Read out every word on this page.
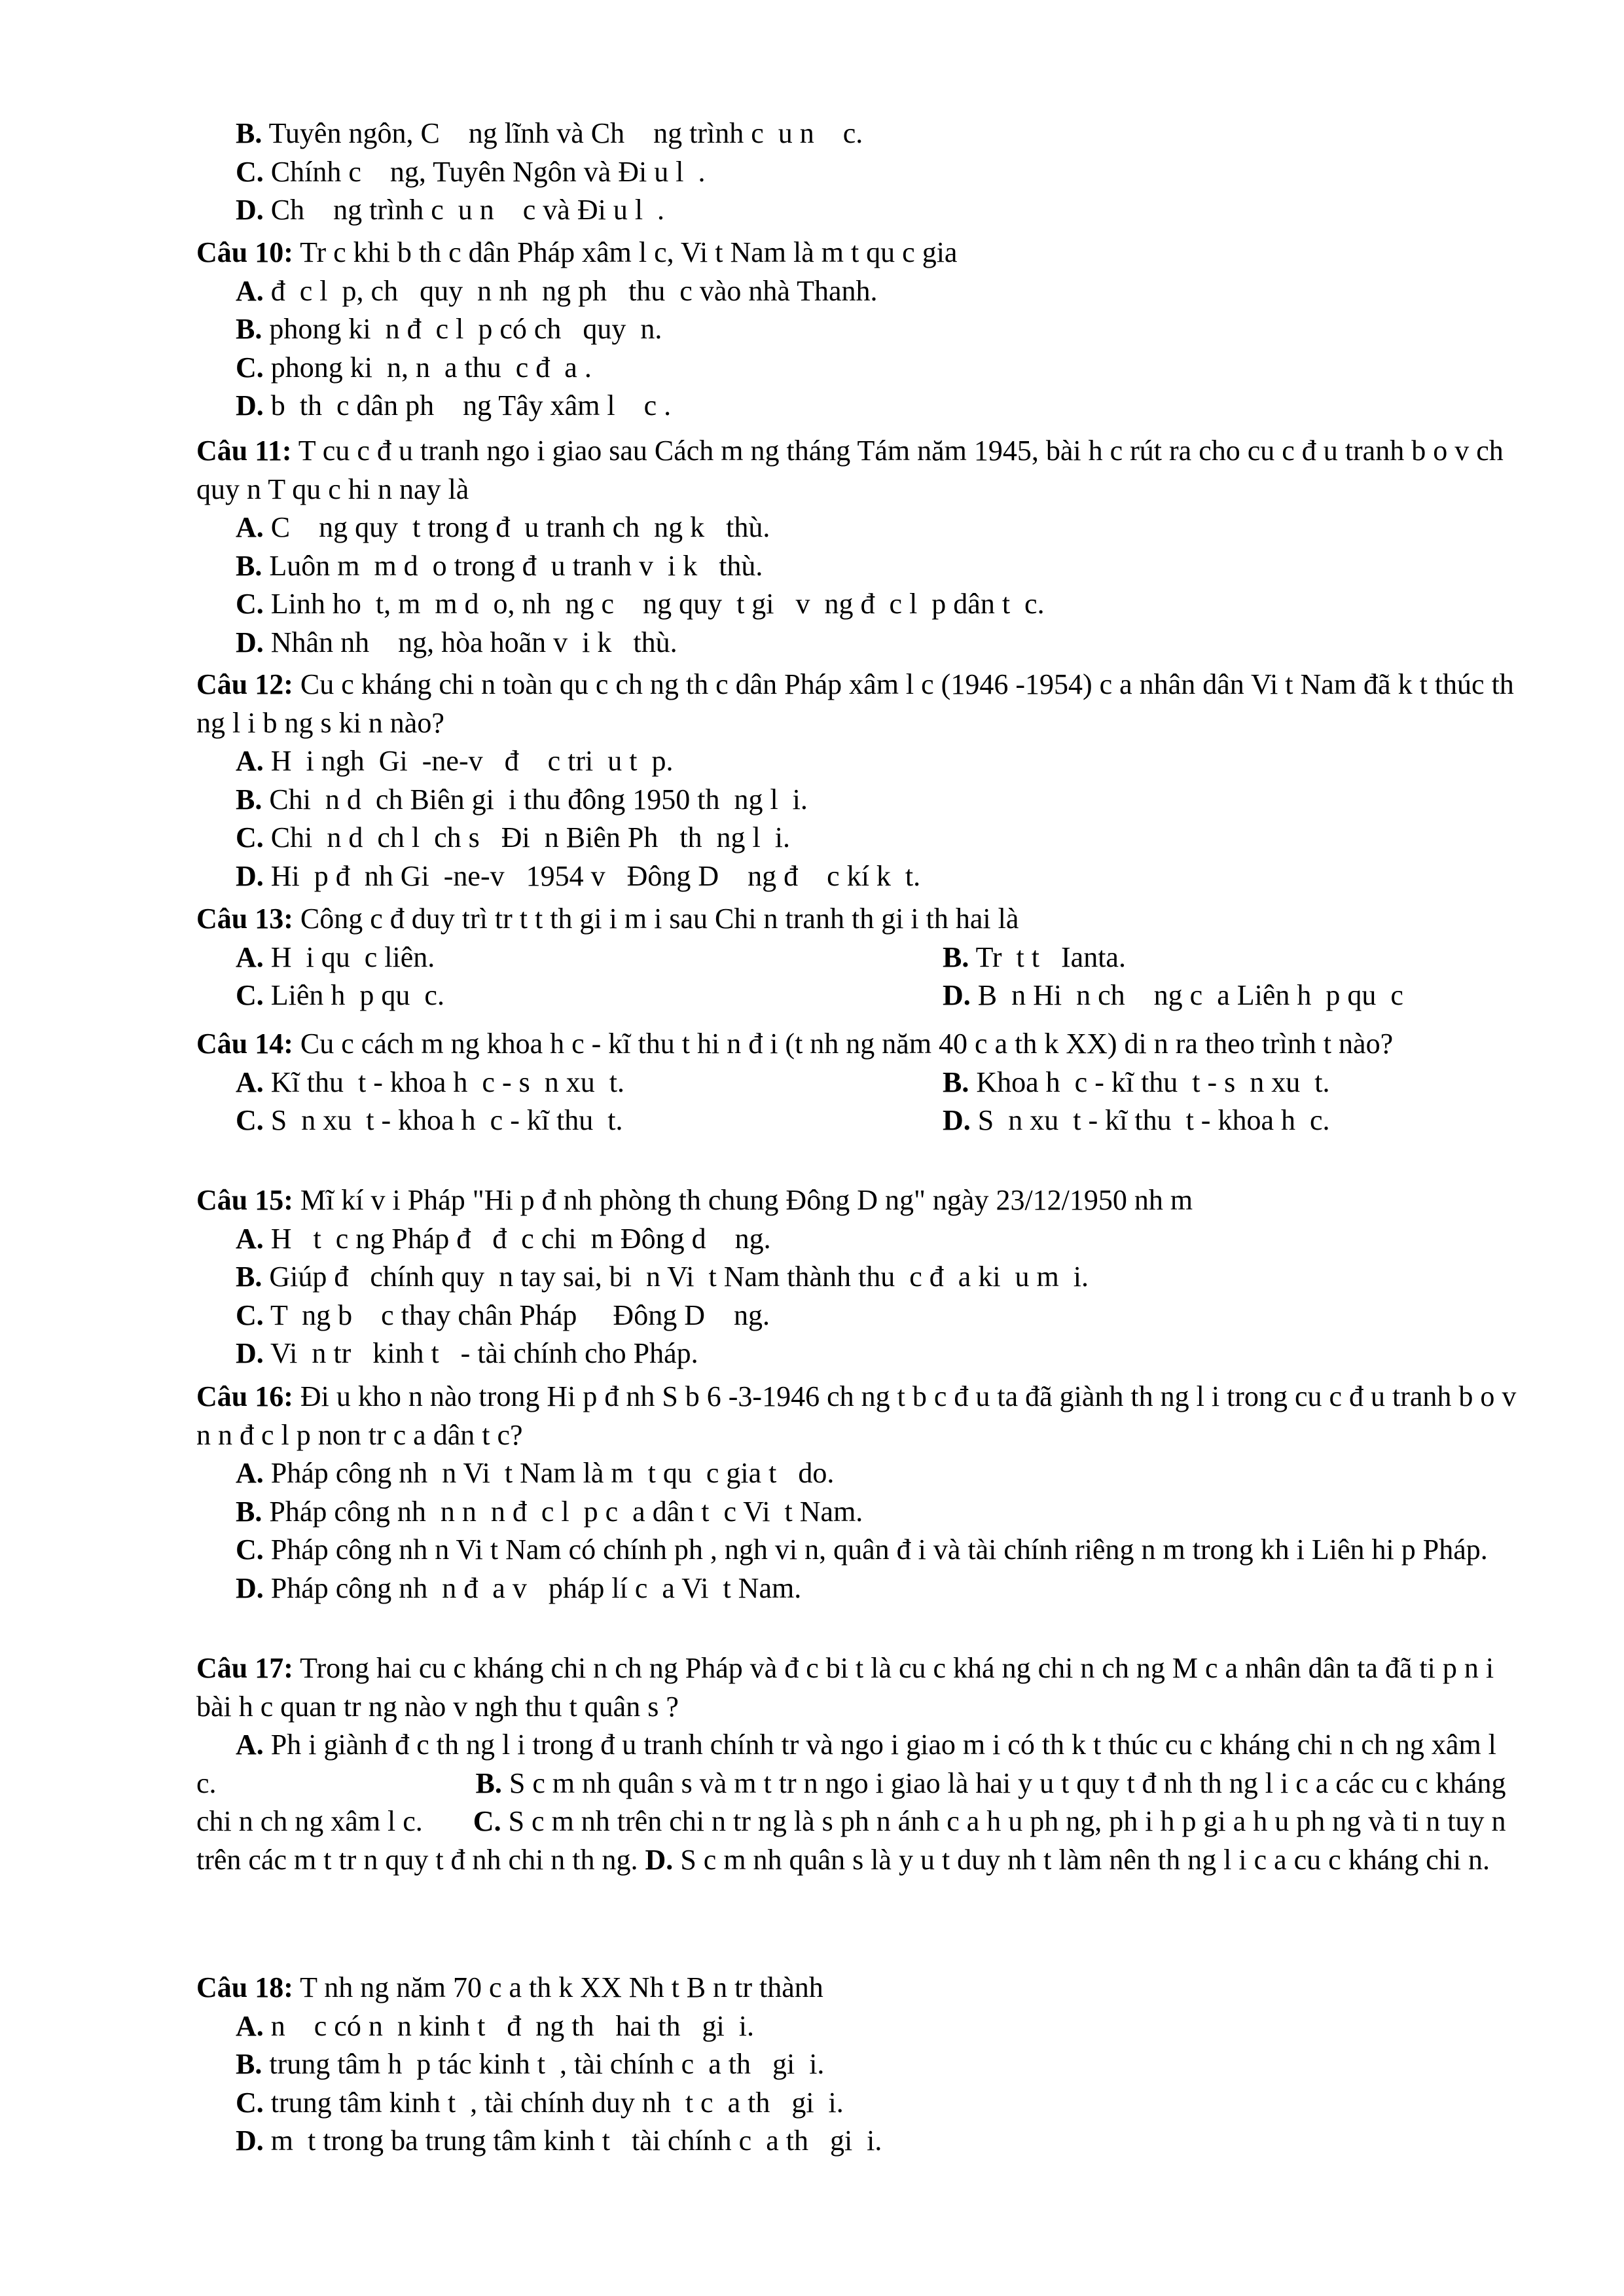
B. Tuyên ngôn, C    ng lĩnh và Ch    ng trình c  u n    c.

C. Chính c    ng, Tuyên Ngôn và Đi u l  .

D. Ch    ng trình c  u n    c và Đi u l  .

Câu 10: Tr c khi b th c dân Pháp xâm l c, Vi t Nam là m t qu c gia

A. đ  c l  p, ch   quy  n nh  ng ph   thu  c vào nhà Thanh.

B. phong ki  n đ  c l  p có ch   quy  n.

C. phong ki  n, n  a thu  c đ  a .

D. b  th  c dân ph    ng Tây xâm l    c .

Câu 11: T cu c đ u tranh ngo i giao sau Cách m ng tháng Tám năm 1945, bài h c rút ra cho cu c đ u tranh b o v ch quy n T qu c hi n nay là

A. C    ng quy  t trong đ  u tranh ch  ng k   thù.

B. Luôn m  m d  o trong đ  u tranh v  i k   thù.

C. Linh ho  t, m  m d  o, nh  ng c    ng quy  t gi   v  ng đ  c l  p dân t  c.

D. Nhân nh    ng, hòa hoãn v  i k   thù.

Câu 12: Cu c kháng chi n toàn qu c ch ng th c dân Pháp xâm l c (1946 -1954) c a nhân dân Vi t Nam đã k t thúc th ng l i b ng s ki n nào?

A. H  i ngh  Gi  -ne-v   đ    c tri  u t  p.

B. Chi  n d  ch Biên gi  i thu đông 1950 th  ng l  i.

C. Chi  n d  ch l  ch s   Đi  n Biên Ph   th  ng l  i.

D. Hi  p đ  nh Gi  -ne-v   1954 v   Đông D    ng đ    c kí k  t.

Câu 13: Công c đ duy trì tr t t th gi i m i sau Chi n tranh th gi i th hai là

A. H  i qu  c liên.	B. Tr  t t   Ianta.

C. Liên h  p qu  c.	D. B  n Hi  n ch    ng c  a Liên h  p qu  c

Câu 14: Cu c cách m ng khoa h c - kĩ thu t hi n đ i (t nh ng năm 40 c a th k XX) di n ra theo trình t nào?

A. Kĩ thu  t - khoa h  c - s  n xu  t.	B. Khoa h  c - kĩ thu  t - s  n xu  t.

C. S  n xu  t - khoa h  c - kĩ thu  t.	D. S  n xu  t - kĩ thu  t - khoa h  c.

Câu 15: Mĩ kí v i Pháp "Hi p đ nh phòng th chung Đông D ng" ngày 23/12/1950 nh m

A. H   t  c ng Pháp đ   đ  c chi  m Đông d    ng.

B. Giúp đ   chính quy  n tay sai, bi  n Vi  t Nam thành thu  c đ  a ki  u m  i.

C. T  ng b    c thay chân Pháp     Đông D    ng.

D. Vi  n tr   kinh t   - tài chính cho Pháp.

Câu 16: Đi u kho n nào trong Hi p đ nh S b 6 -3-1946 ch ng t b c đ u ta đã giành th ng l i trong cu c đ u tranh b o v n n đ c l p non tr c a dân t c?

A. Pháp công nh  n Vi  t Nam là m  t qu  c gia t   do.

B. Pháp công nh  n n  n đ  c l  p c  a dân t  c Vi  t Nam.

C. Pháp công nh n Vi t Nam có chính ph , ngh vi n, quân đ i và tài chính riêng n m trong kh i Liên hi p Pháp.

D. Pháp công nh  n đ  a v   pháp lí c  a Vi  t Nam.

Câu 17: Trong hai cu c kháng chi n ch ng Pháp và đ c bi t là cu c khá ng chi n ch ng M c a nhân dân ta đã ti p n i bài h c quan tr ng nào v ngh thu t quân s ?

A. Ph i giành đ c th ng l i trong đ u tranh chính tr và ngo i giao m i có th k t thúc cu c kháng chi n ch ng xâm l c.	B. S c m nh quân s và m t tr n ngo i giao là hai y u t quy t đ nh th ng l i c a các cu c kháng chi n ch ng xâm l c. C. S c m nh trên chi n tr ng là s ph n ánh c a h u ph ng, ph i h p gi a h u ph ng và ti n tuy n trên các m t tr n quy t đ nh chi n th ng. D. S c m nh quân s là y u t duy nh t làm nên th ng l i c a cu c kháng chi n.

Câu 18: T nh ng năm 70 c a th k XX Nh t B n tr thành

A. n    c có n  n kinh t   đ  ng th   hai th   gi  i.

B. trung tâm h  p tác kinh t  , tài chính c  a th   gi  i.

C. trung tâm kinh t  , tài chính duy nh  t c  a th   gi  i.

D. m  t trong ba trung tâm kinh t   tài chính c  a th   gi  i.
